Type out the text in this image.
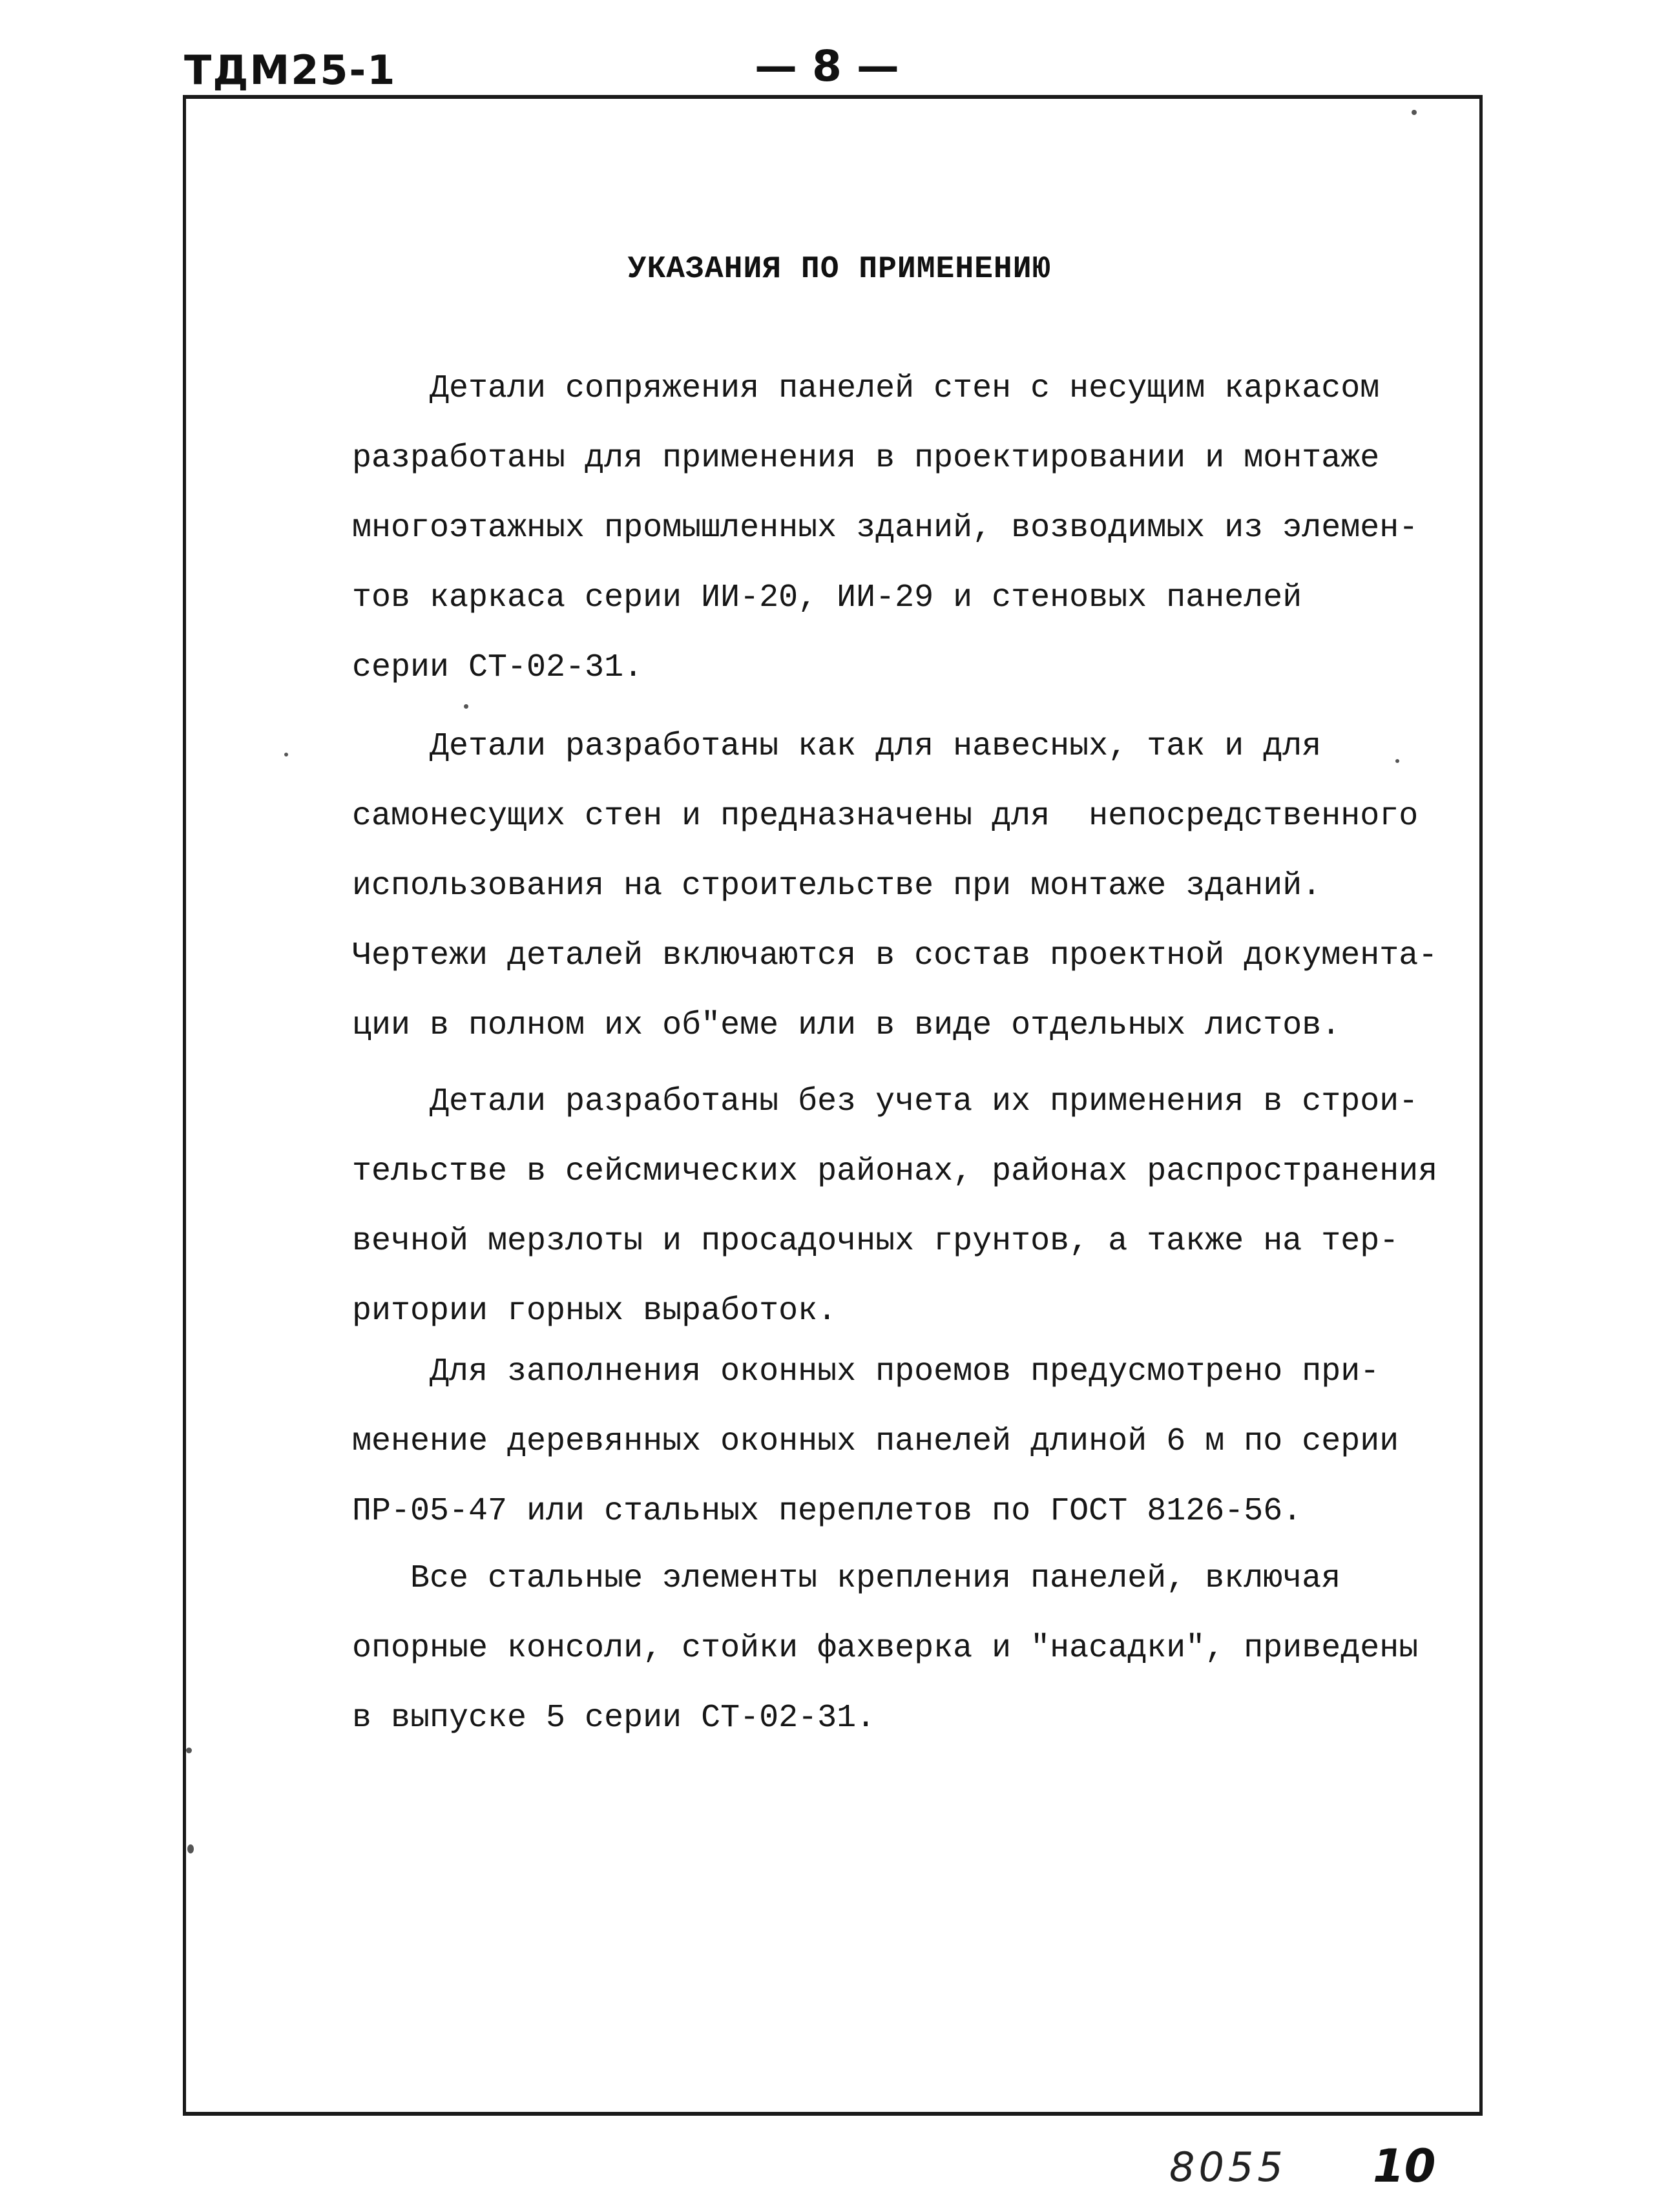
ТДМ25-1	— 8 —
УКАЗАНИЯ ПО ПРИМЕНЕНИЮ
Детали сопряжения панелей стен с несущим каркасом
разработаны для применения в проектировании и монтаже
многоэтажных промышленных зданий, возводимых из элемен-
тов каркаса серии ИИ-20, ИИ-29 и стеновых панелей
серии СТ-02-31.
Детали разработаны как для навесных, так и для
самонесущих стен и предназначены для  непосредственного
использования на строительстве при монтаже зданий.
Чертежи деталей включаются в состав проектной документа-
ции в полном их об"еме или в виде отдельных листов.
Детали разработаны без учета их применения в строи-
тельстве в сейсмических районах, районах распространения
вечной мерзлоты и просадочных грунтов, а также на тер-
ритории горных выработок.
Для заполнения оконных проемов предусмотрено при-
менение деревянных оконных панелей длиной 6 м по серии
ПР-05-47 или стальных переплетов по ГОСТ 8126-56.
Все стальные элементы крепления панелей, включая
опорные консоли, стойки фахверка и "насадки", приведены
в выпуске 5 серии СТ-02-31.
8055 10
